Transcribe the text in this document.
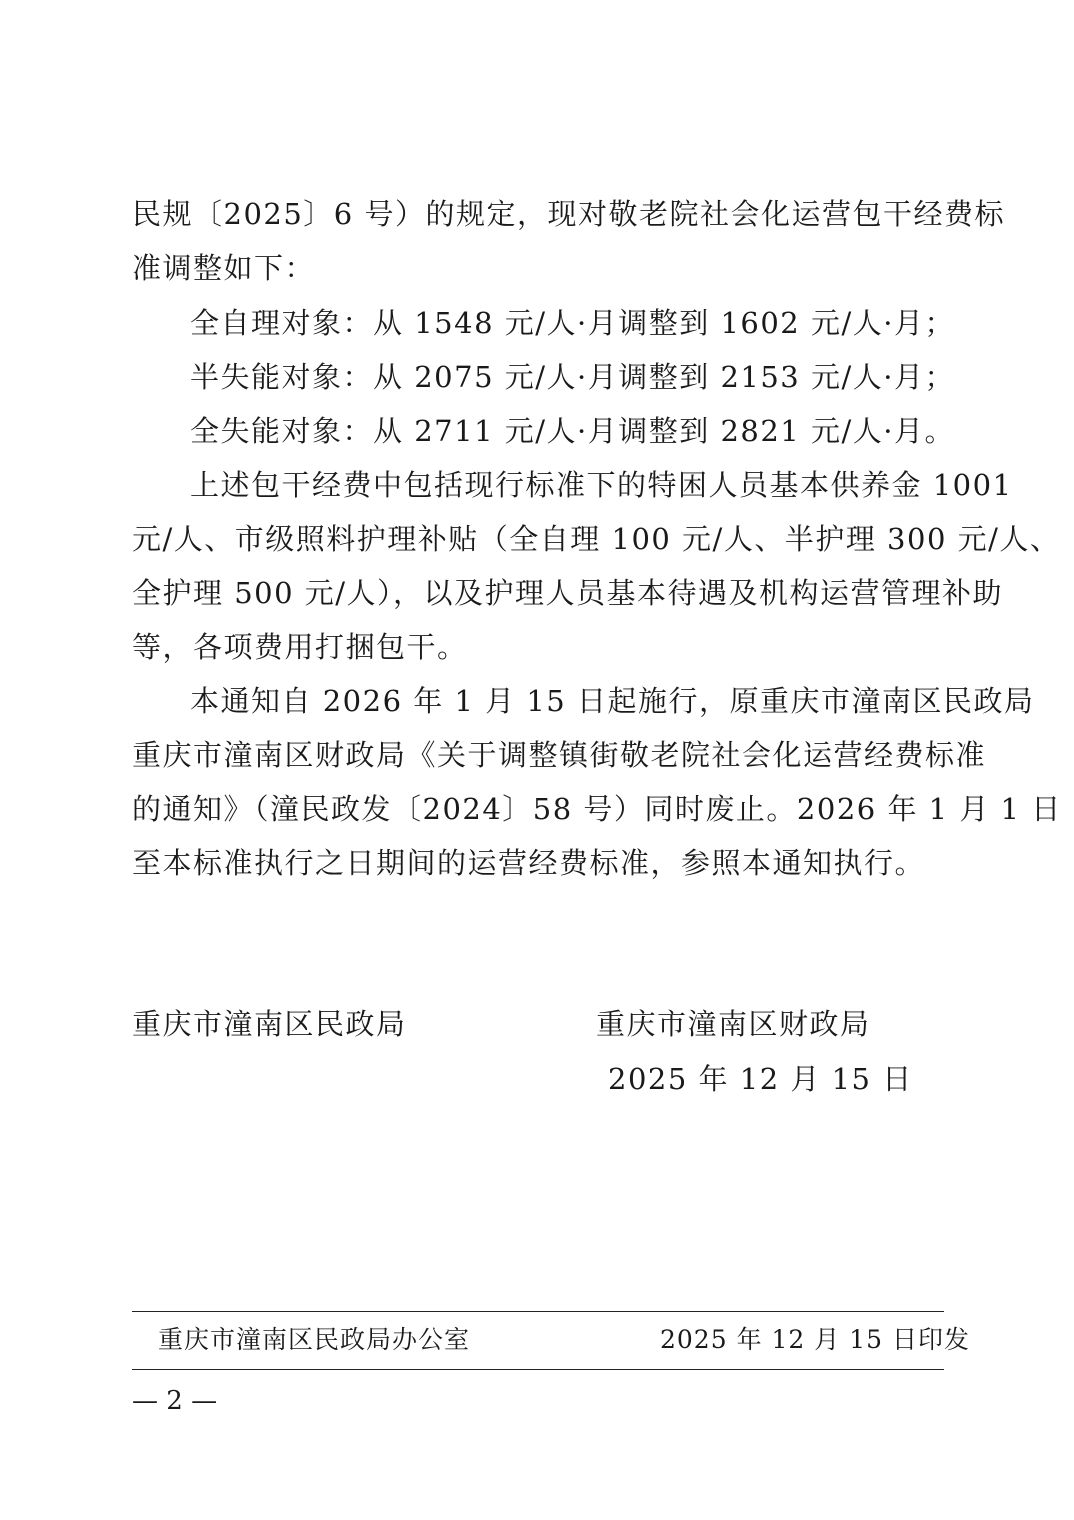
民规〔2025〕6 号）的规定，现对敬老院社会化运营包干经费标
准调整如下：
全自理对象：从 1548 元/人·月调整到 1602 元/人·月；
半失能对象：从 2075 元/人·月调整到 2153 元/人·月；
全失能对象：从 2711 元/人·月调整到 2821 元/人·月。
上述包干经费中包括现行标准下的特困人员基本供养金 1001
元/人、市级照料护理补贴（全自理 100 元/人、半护理 300 元/人、
全护理 500 元/人），以及护理人员基本待遇及机构运营管理补助
等，各项费用打捆包干。
本通知自 2026 年 1 月 15 日起施行，原重庆市潼南区民政局
重庆市潼南区财政局《关于调整镇街敬老院社会化运营经费标准
的通知》（潼民政发〔2024〕58 号）同时废止。2026 年 1 月 1 日
至本标准执行之日期间的运营经费标准，参照本通知执行。
重庆市潼南区民政局	重庆市潼南区财政局
2025 年 12 月 15 日
重庆市潼南区民政局办公室	2025 年 12 月 15 日印发
— 2 —
